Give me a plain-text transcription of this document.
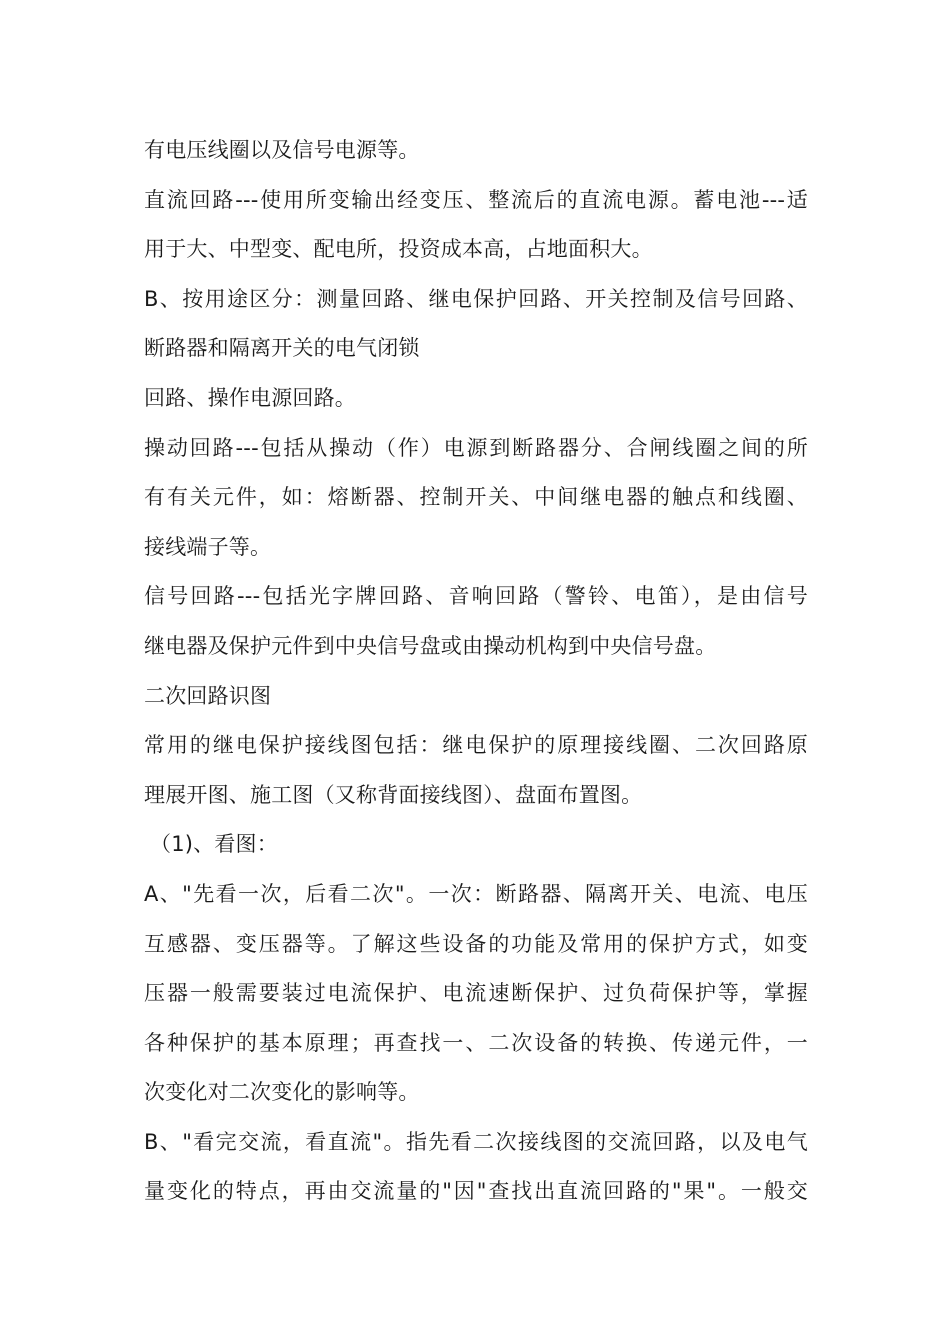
有电压线圈以及信号电源等。

直流回路---使用所变输出经变压、整流后的直流电源。蓄电池---适

用于大、中型变、配电所，投资成本高，占地面积大。

B、按用途区分：测量回路、继电保护回路、开关控制及信号回路、

断路器和隔离开关的电气闭锁

回路、操作电源回路。

操动回路---包括从操动（作）电源到断路器分、合闸线圈之间的所

有有关元件，如：熔断器、控制开关、中间继电器的触点和线圈、

接线端子等。

信号回路---包括光字牌回路、音响回路（警铃、电笛），是由信号

继电器及保护元件到中央信号盘或由操动机构到中央信号盘。

二次回路识图

常用的继电保护接线图包括：继电保护的原理接线圈、二次回路原

理展开图、施工图（又称背面接线图）、盘面布置图。

（1)、看图：

A、"先看一次，后看二次"。一次：断路器、隔离开关、电流、电压

互感器、变压器等。了解这些设备的功能及常用的保护方式，如变

压器一般需要装过电流保护、电流速断保护、过负荷保护等，掌握

各种保护的基本原理；再查找一、二次设备的转换、传递元件，一

次变化对二次变化的影响等。

B、"看完交流，看直流"。指先看二次接线图的交流回路，以及电气

量变化的特点，再由交流量的"因"查找出直流回路的"果"。一般交
